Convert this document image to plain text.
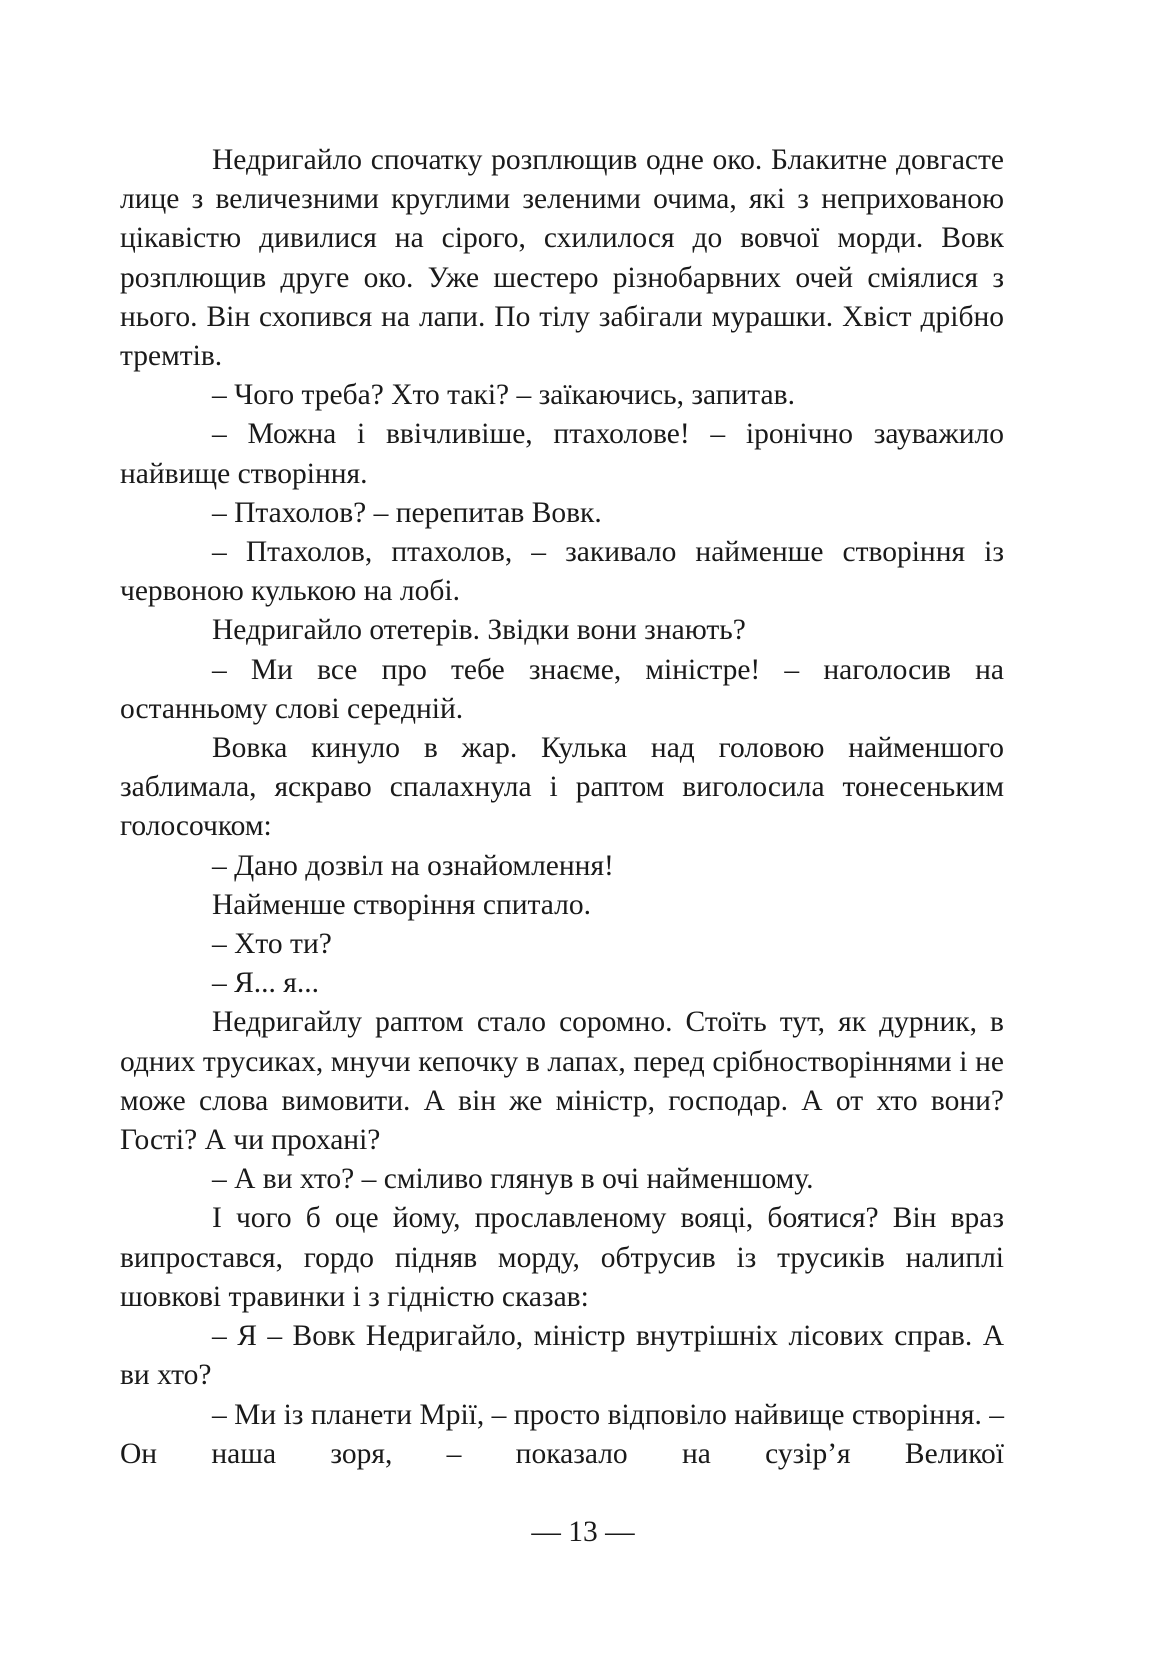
Недригайло спочатку розплющив одне око. Блакитне довгасте лице з величезними круглими зеленими очима, які з неприхованою цікавістю дивилися на сірого, схилилося до вовчої морди. Вовк розплющив друге око. Уже шестеро різнобарвних очей сміялися з нього. Він схопився на лапи. По тілу забігали мурашки. Хвіст дрібно тремтів.

– Чого треба? Хто такі? – заїкаючись, запитав.

– Можна і ввічливіше, птахолове! – іронічно зауважило найвище створіння.

– Птахолов? – перепитав Вовк.

– Птахолов, птахолов, – закивало найменше створіння із червоною кулькою на лобі.

Недригайло отетерів. Звідки вони знають?

– Ми все про тебе знаєме, міністре! – наголосив на останньому слові середній.

Вовка кинуло в жар. Кулька над головою найменшого заблимала, яскраво спалахнула і раптом виголосила тонесеньким голосочком:

– Дано дозвіл на ознайомлення!

Найменше створіння спитало.

– Хто ти?

– Я... я...

Недригайлу раптом стало соромно. Стоїть тут, як дурник, в одних трусиках, мнучи кепочку в лапах, перед срібностворіннями і не може слова вимовити. А він же міністр, господар. А от хто вони? Гості? А чи прохані?

– А ви хто? – сміливо глянув в очі найменшому.

І чого б оце йому, прославленому вояці, боятися? Він враз випростався, гордо підняв морду, обтрусив із трусиків налиплі шовкові травинки і з гідністю сказав:

– Я – Вовк Недригайло, міністр внутрішніх лісових справ. А ви хто?

– Ми із планети Мрії, – просто відповіло найвище створіння. – Он наша зоря, – показало на сузір’я Великої

— 13 —
